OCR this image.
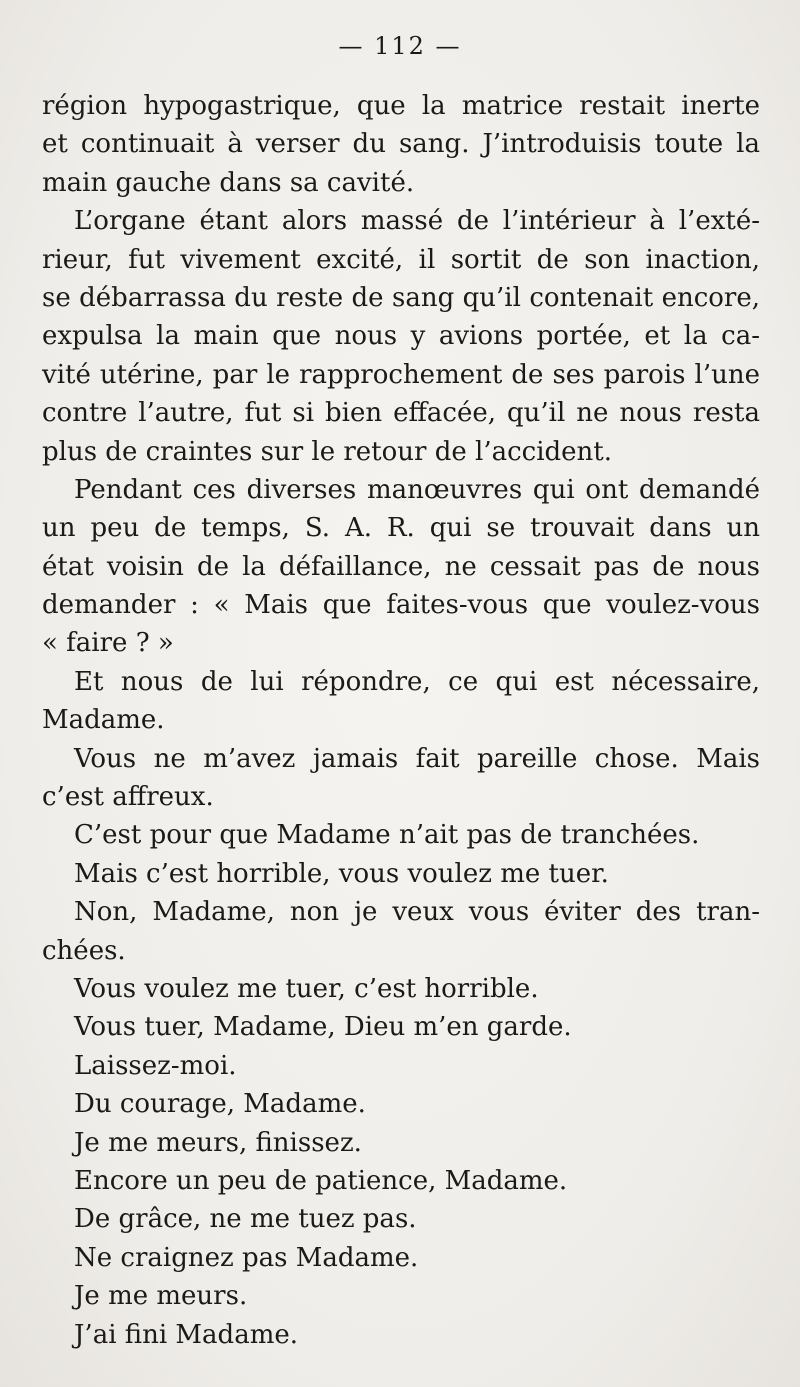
— 112 —
région hypogastrique, que la matrice restait inerte
et continuait à verser du sang. J’introduisis toute la
main gauche dans sa cavité.
L’organe étant alors massé de l’intérieur à l’exté-
rieur, fut vivement excité, il sortit de son inaction,
se débarrassa du reste de sang qu’il contenait encore,
expulsa la main que nous y avions portée, et la ca-
vité utérine, par le rapprochement de ses parois l’une
contre l’autre, fut si bien effacée, qu’il ne nous resta
plus de craintes sur le retour de l’accident.
Pendant ces diverses manœuvres qui ont demandé
un peu de temps, S. A. R. qui se trouvait dans un
état voisin de la défaillance, ne cessait pas de nous
demander : « Mais que faites-vous que voulez-vous
« faire ? »
Et nous de lui répondre, ce qui est nécessaire,
Madame.
Vous ne m’avez jamais fait pareille chose. Mais
c’est affreux.
C’est pour que Madame n’ait pas de tranchées.
Mais c’est horrible, vous voulez me tuer.
Non, Madame, non je veux vous éviter des tran-
chées.
Vous voulez me tuer, c’est horrible.
Vous tuer, Madame, Dieu m’en garde.
Laissez-moi.
Du courage, Madame.
Je me meurs, finissez.
Encore un peu de patience, Madame.
De grâce, ne me tuez pas.
Ne craignez pas Madame.
Je me meurs.
J’ai fini Madame.
